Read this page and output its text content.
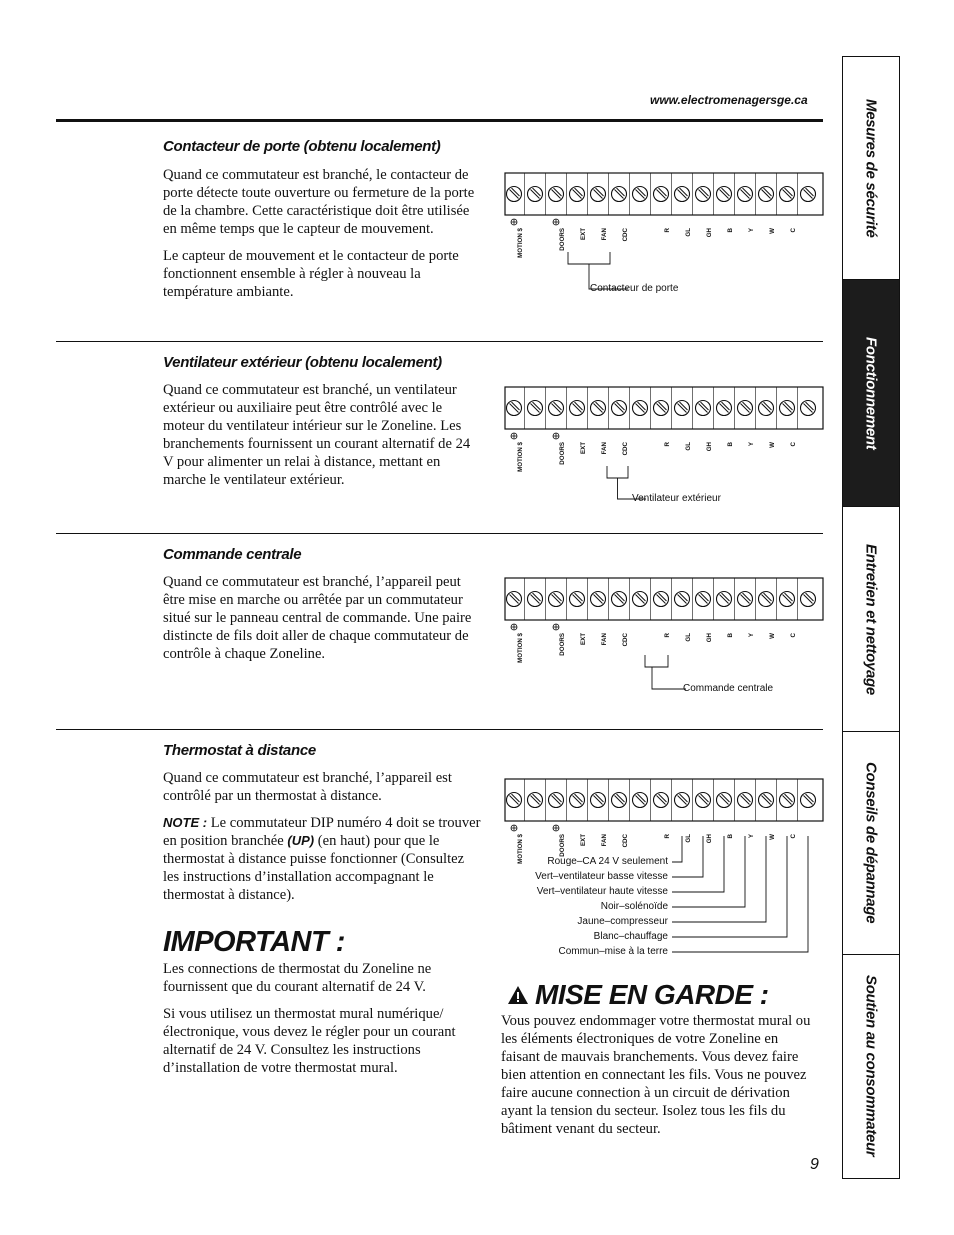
www.electromenagersge.ca
Contacteur de porte (obtenu localement)

Quand ce commutateur est branché, le contacteur de porte détecte toute ouverture ou fermeture de la porte de la chambre. Cette caractéristique doit être utilisée en même temps que le capteur de mouvement.

Le capteur de mouvement et le contacteur de porte fonctionnent ensemble à régler à nouveau la température ambiante.

MOTION $	DOORS EXT FAN CDC	R GL GH B Y W C
Contacteur de porte
Ventilateur extérieur (obtenu localement)

Quand ce commutateur est branché, un ventilateur extérieur ou auxiliaire peut être contrôlé avec le moteur du ventilateur intérieur sur le Zoneline. Les branchements fournissent un courant alternatif de 24 V pour alimenter un relai à distance, mettant en marche le ventilateur extérieur.

MOTION $	DOORS EXT FAN CDC	R GL GH B Y W C
Ventilateur extérieur
Commande centrale

Quand ce commutateur est branché, l’appareil peut être mise en marche ou arrêtée par un commutateur situé sur le panneau central de commande. Une paire distincte de fils doit aller de chaque commutateur de contrôle à chaque Zoneline.	MOTION $	DOORS EXT FAN CDC	R GL GH B Y W C
Commande centrale
Thermostat à distance

Quand ce commutateur est branché, l’appareil est contrôlé par un thermostat à distance.

NOTE : Le commutateur DIP numéro 4 doit se trouver en position branchée (UP) (en haut) pour que le thermostat à distance puisse fonctionner (Consultez les instructions d’installation accompagnant le thermostat à distance).

MOTION $	DOORS EXT FAN CDC	R GL GH B Y W C
Rouge–CA 24 V seulement
Vert–ventilateur basse vitesse
Vert–ventilateur haute vitesse
Noir–solénoïde
Jaune–compresseur
Blanc–chauffage
Commun–mise à la terre
IMPORTANT :

Les connections de thermostat du Zoneline ne fournissent que du courant alternatif de 24 V.

Si vous utilisez un thermostat mural numérique/électronique, vous devez le régler pour un courant alternatif de 24 V. Consultez les instructions d’installation de votre thermostat mural.

MISE EN GARDE :
Vous pouvez endommager votre thermostat mural ou les éléments électroniques de votre Zoneline en faisant de mauvais branchements. Vous devez faire bien attention en connectant les fils. Vous ne pouvez faire aucune connection à un circuit de dérivation ayant la tension du secteur. Isolez tous les fils du bâtiment venant du secteur.
9
Mesures de sécurité
Fonctionnement
Entretien et nettoyage
Conseils de dépannage
Soutien au consommateur
